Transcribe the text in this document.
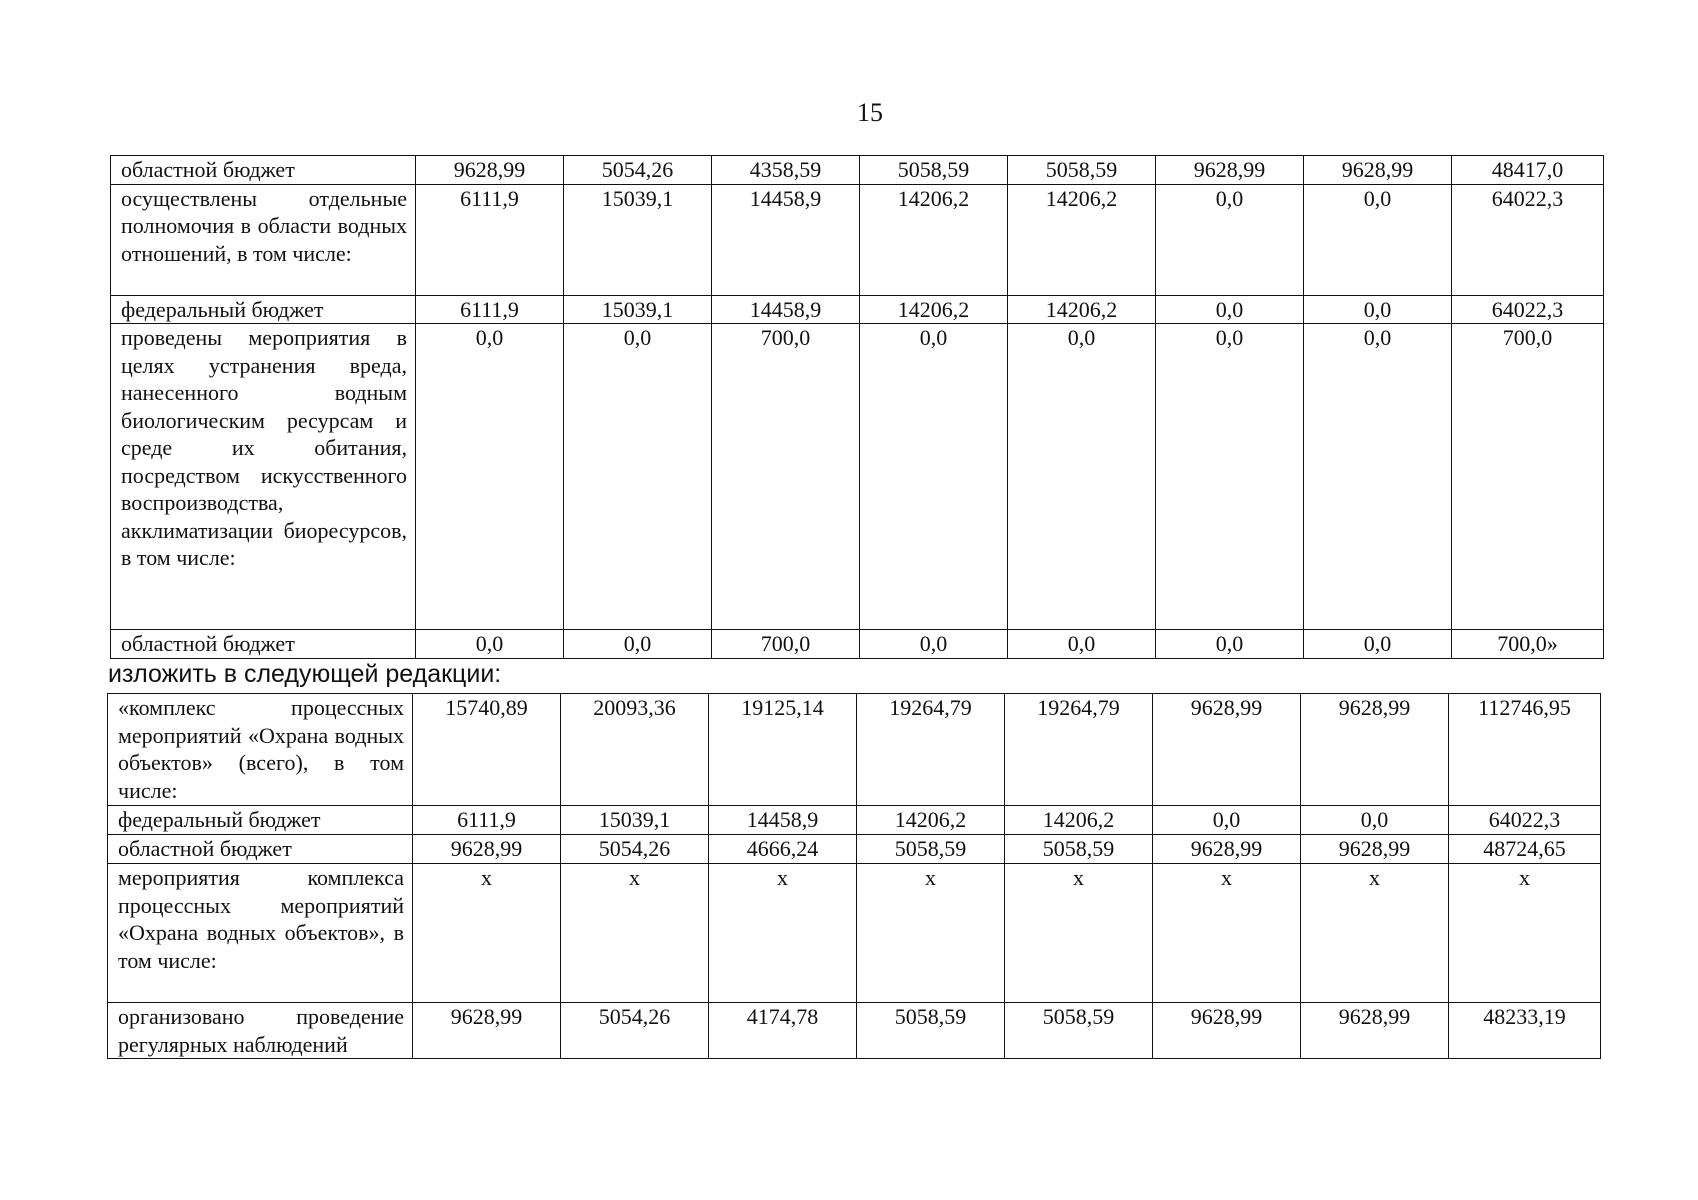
15
областной бюджет	9628,99	5054,26	4358,59	5058,59	5058,59	9628,99	9628,99	48417,0
осуществлены отдельные полномочия в области водных отношений, в том числе:	6111,9	15039,1	14458,9	14206,2	14206,2	0,0	0,0	64022,3
федеральный бюджет	6111,9	15039,1	14458,9	14206,2	14206,2	0,0	0,0	64022,3
проведены мероприятия в целях устранения вреда, нанесенного водным биологическим ресурсам и среде их обитания, посредством искусственного воспроизводства, акклиматизации биоресурсов, в том числе:	0,0	0,0	700,0	0,0	0,0	0,0	0,0	700,0
областной бюджет	0,0	0,0	700,0	0,0	0,0	0,0	0,0	700,0»
изложить в следующей редакции:
«комплекс процессных мероприятий «Охрана водных объектов» (всего), в том числе:	15740,89	20093,36	19125,14	19264,79	19264,79	9628,99	9628,99	112746,95
федеральный бюджет	6111,9	15039,1	14458,9	14206,2	14206,2	0,0	0,0	64022,3
областной бюджет	9628,99	5054,26	4666,24	5058,59	5058,59	9628,99	9628,99	48724,65
мероприятия комплекса процессных мероприятий «Охрана водных объектов», в том числе:	x	x	x	x	x	x	x	x
организовано проведение регулярных наблюдений	9628,99	5054,26	4174,78	5058,59	5058,59	9628,99	9628,99	48233,19
